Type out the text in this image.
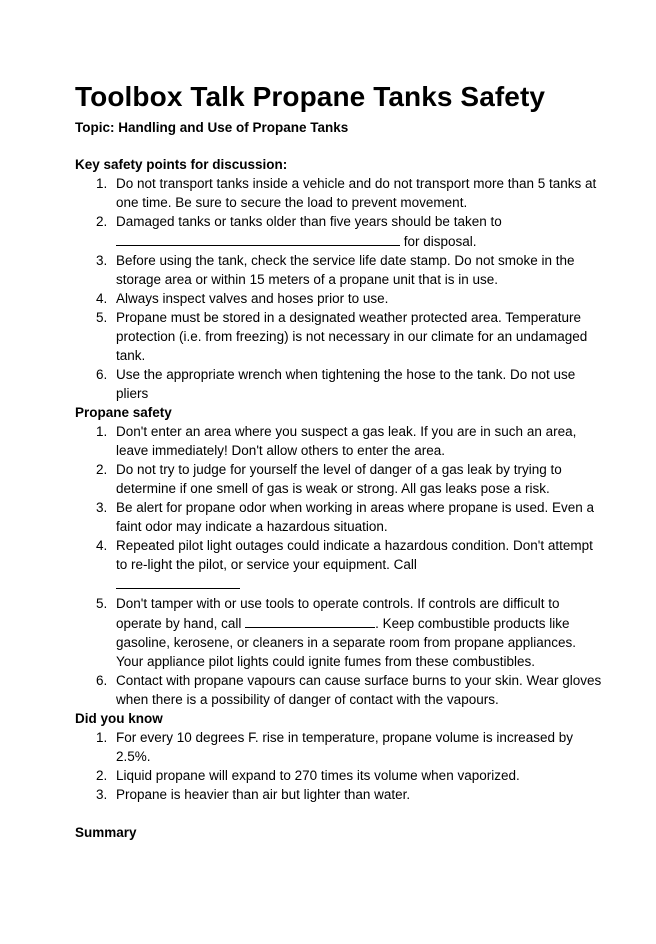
Toolbox Talk Propane Tanks Safety
Topic: Handling and Use of Propane Tanks
Key safety points for discussion:
1. Do not transport tanks inside a vehicle and do not transport more than 5 tanks at one time. Be sure to secure the load to prevent movement.
2. Damaged tanks or tanks older than five years should be taken to
for disposal.
3. Before using the tank, check the service life date stamp. Do not smoke in the storage area or within 15 meters of a propane unit that is in use.
4. Always inspect valves and hoses prior to use.
5. Propane must be stored in a designated weather protected area. Temperature protection (i.e. from freezing) is not necessary in our climate for an undamaged tank.
6. Use the appropriate wrench when tightening the hose to the tank. Do not use pliers
Propane safety
1. Don't enter an area where you suspect a gas leak. If you are in such an area, leave immediately! Don't allow others to enter the area.
2. Do not try to judge for yourself the level of danger of a gas leak by trying to determine if one smell of gas is weak or strong. All gas leaks pose a risk.
3. Be alert for propane odor when working in areas where propane is used. Even a faint odor may indicate a hazardous situation.
4. Repeated pilot light outages could indicate a hazardous condition. Don't attempt to re-light the pilot, or service your equipment. Call

5. Don't tamper with or use tools to operate controls. If controls are difficult to operate by hand, call	. Keep combustible products like gasoline, kerosene, or cleaners in a separate room from propane appliances. Your appliance pilot lights could ignite fumes from these combustibles.
6. Contact with propane vapours can cause surface burns to your skin. Wear gloves when there is a possibility of danger of contact with the vapours.
Did you know
1. For every 10 degrees F. rise in temperature, propane volume is increased by 2.5%.
2. Liquid propane will expand to 270 times its volume when vaporized.
3. Propane is heavier than air but lighter than water.
Summary
